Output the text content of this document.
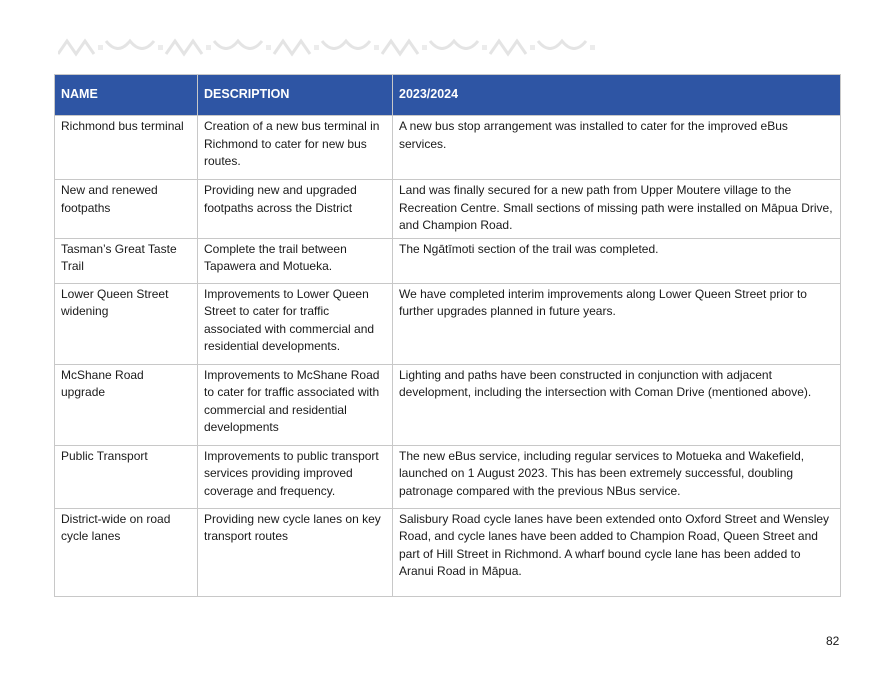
NAME	DESCRIPTION	2023/2024
Richmond bus terminal	Creation of a new bus terminal in Richmond to cater for new bus routes.	A new bus stop arrangement was installed to cater for the improved eBus services.
New and renewed footpaths	Providing new and upgraded footpaths across the District	Land was finally secured for a new path from Upper Moutere village to the Recreation Centre. Small sections of missing path were installed on Māpua Drive, and Champion Road.
Tasman’s Great Taste Trail	Complete the trail between Tapawera and Motueka.	The Ngātīmoti section of the trail was completed.
Lower Queen Street widening	Improvements to Lower Queen Street to cater for traffic associated with commercial and residential developments.	We have completed interim improvements along Lower Queen Street prior to further upgrades planned in future years.
McShane Road upgrade	Improvements to McShane Road to cater for traffic associated with commercial and residential developments	Lighting and paths have been constructed in conjunction with adjacent development, including the intersection with Coman Drive (mentioned above).
Public Transport	Improvements to public transport services providing improved coverage and frequency.	The new eBus service, including regular services to Motueka and Wakefield, launched on 1 August 2023. This has been extremely successful, doubling patronage compared with the previous NBus service.
District-wide on road cycle lanes	Providing new cycle lanes on key transport routes	Salisbury Road cycle lanes have been extended onto Oxford Street and Wensley Road, and cycle lanes have been added to Champion Road, Queen Street and part of Hill Street in Richmond. A wharf bound cycle lane has been added to Aranui Road in Māpua.
82
